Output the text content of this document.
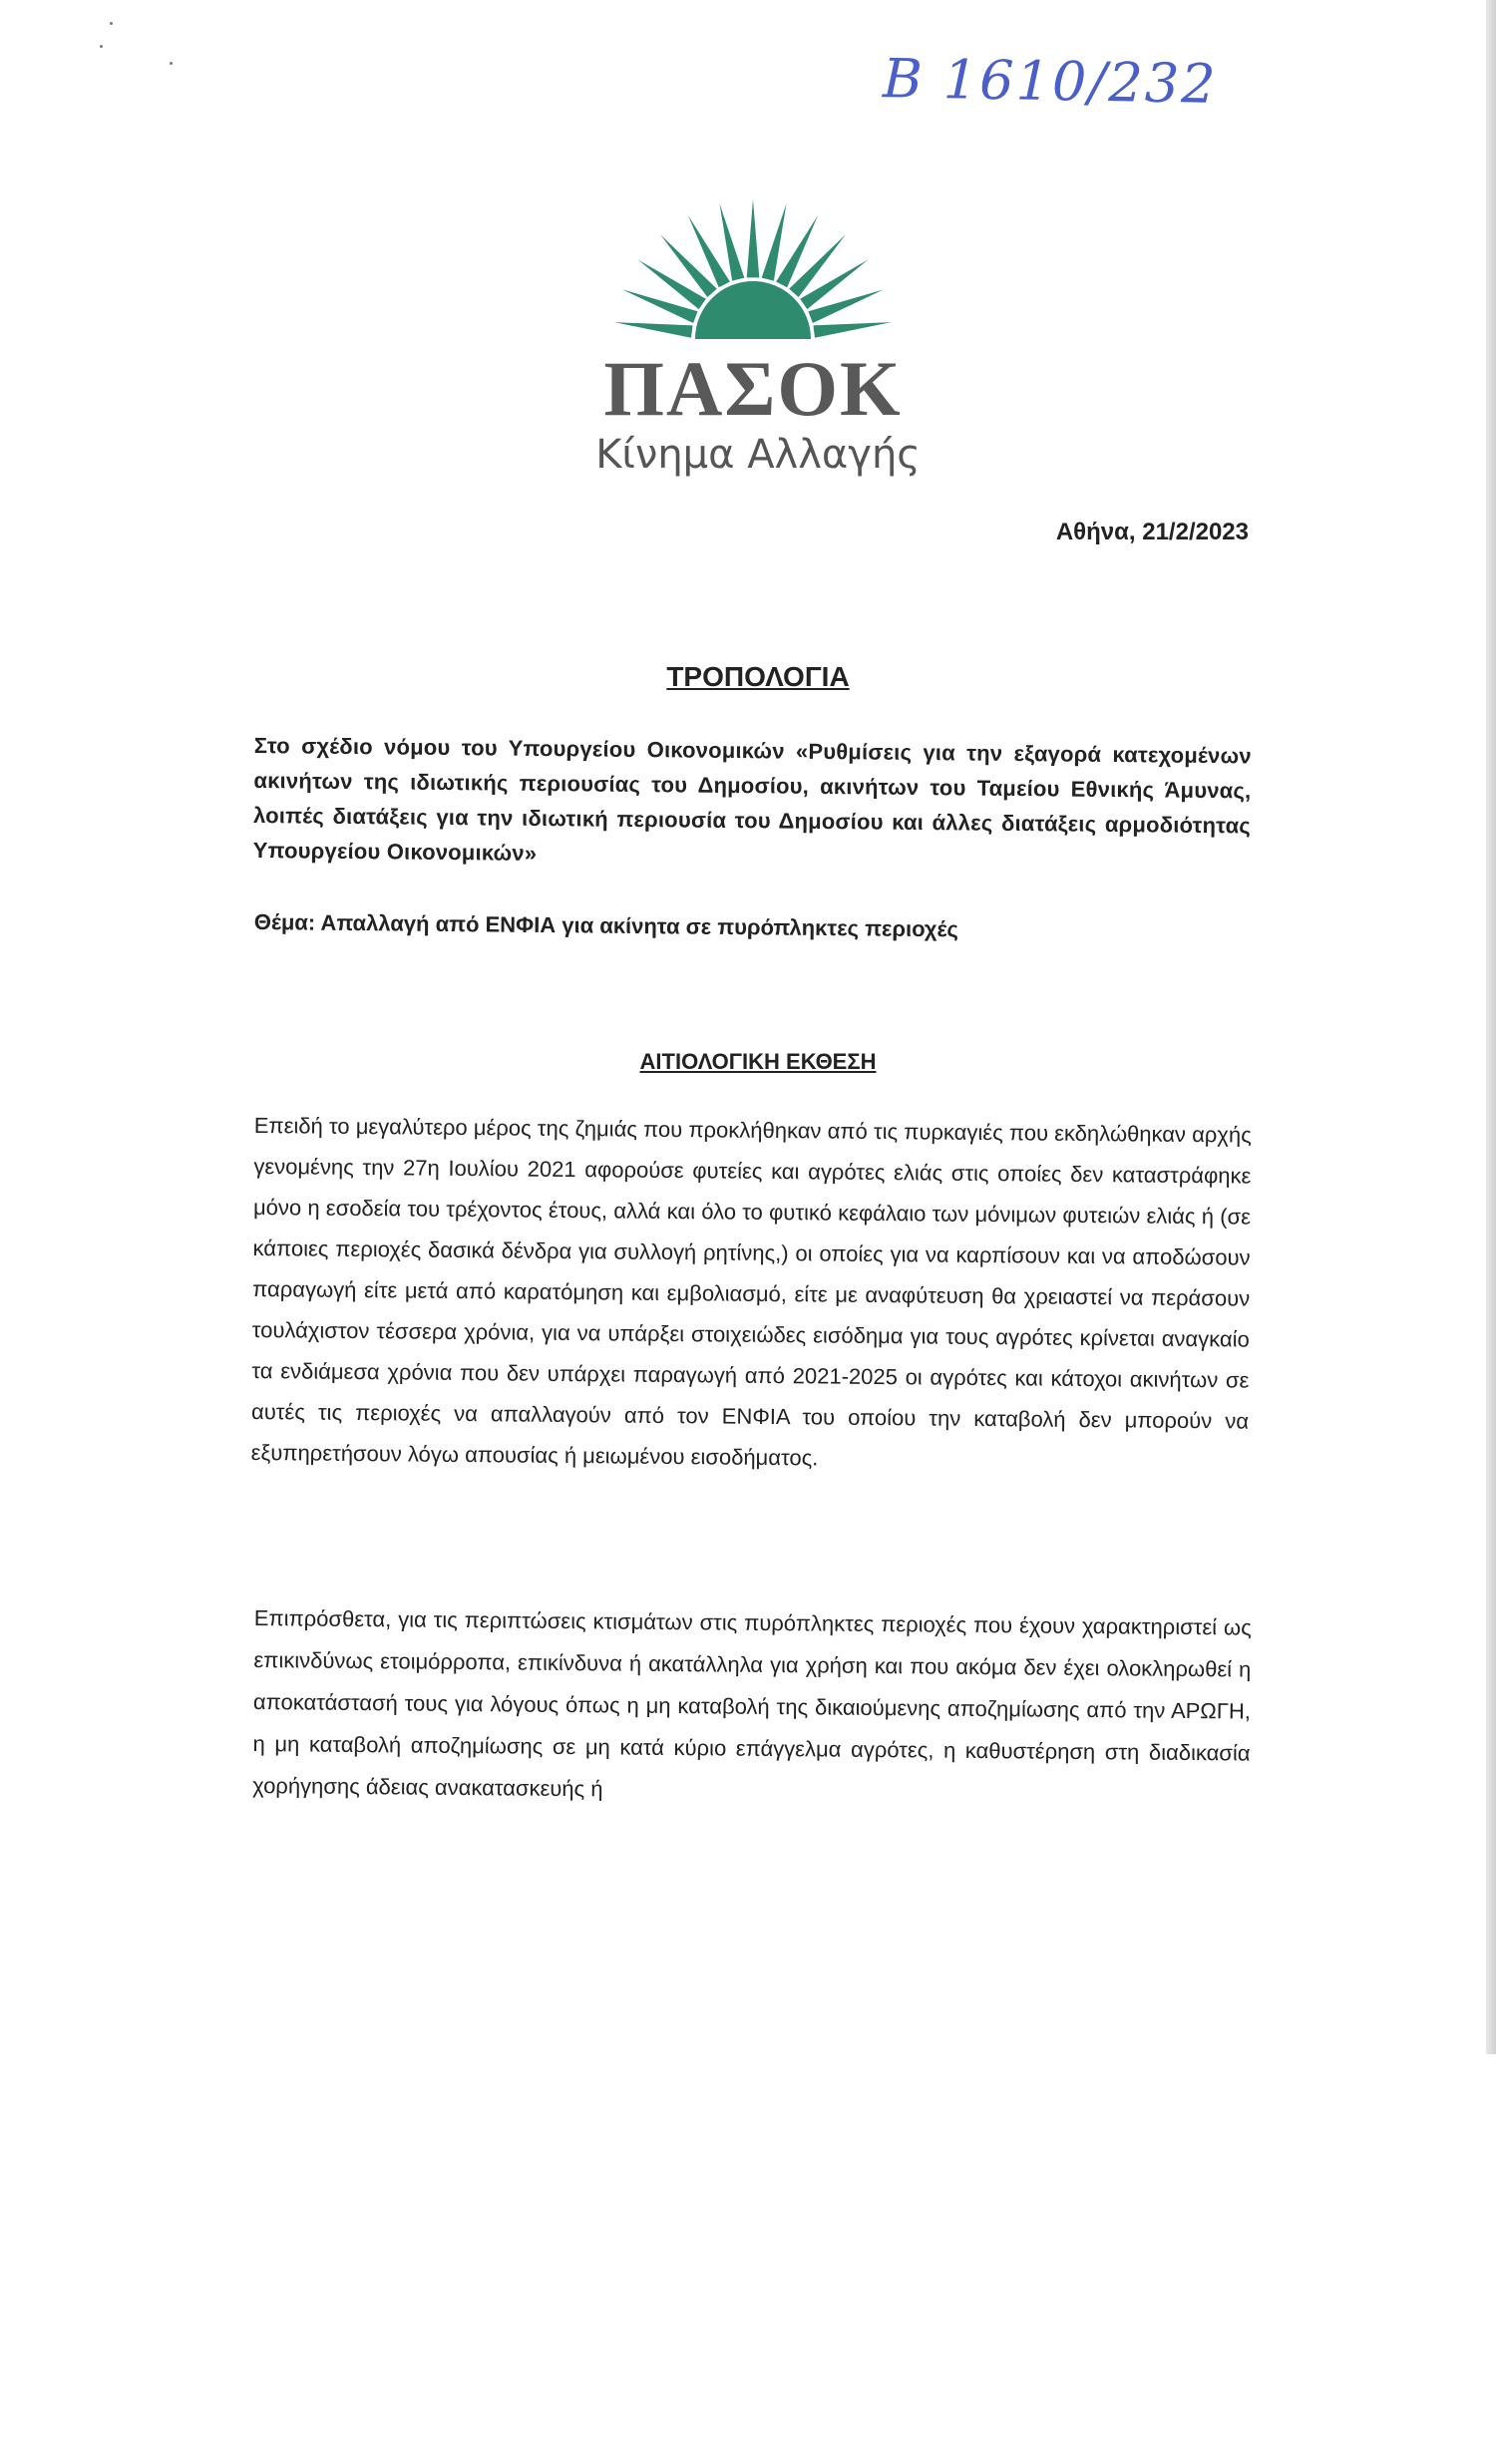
Β 1610/232
ΠΑΣΟΚ
Κίνημα Αλλαγής
Αθήνα, 21/2/2023
ΤΡΟΠΟΛΟΓΙΑ
Στο σχέδιο νόμου του Υπουργείου Οικονομικών «Ρυθμίσεις για την εξαγορά κατεχομένων ακινήτων της ιδιωτικής περιουσίας του Δημοσίου, ακινήτων του Ταμείου Εθνικής Άμυνας, λοιπές διατάξεις για την ιδιωτική περιουσία του Δημοσίου και άλλες διατάξεις αρμοδιότητας Υπουργείου Οικονομικών»
Θέμα: Απαλλαγή από ΕΝΦΙΑ για ακίνητα σε πυρόπληκτες περιοχές
ΑΙΤΙΟΛΟΓΙΚΗ ΕΚΘΕΣΗ
Επειδή το μεγαλύτερο μέρος της ζημιάς που προκλήθηκαν από τις πυρκαγιές που εκδηλώθηκαν αρχής γενομένης την 27η Ιουλίου 2021 αφορούσε φυτείες και αγρότες ελιάς στις οποίες δεν καταστράφηκε μόνο η εσοδεία του τρέχοντος έτους, αλλά και όλο το φυτικό κεφάλαιο των μόνιμων φυτειών ελιάς ή (σε κάποιες περιοχές δασικά δένδρα για συλλογή ρητίνης,) οι οποίες για να καρπίσουν και να αποδώσουν παραγωγή είτε μετά από καρατόμηση και εμβολιασμό, είτε με αναφύτευση θα χρειαστεί να περάσουν τουλάχιστον τέσσερα χρόνια, για να υπάρξει στοιχειώδες εισόδημα για τους αγρότες κρίνεται αναγκαίο τα ενδιάμεσα χρόνια που δεν υπάρχει παραγωγή από 2021-2025 οι αγρότες και κάτοχοι ακινήτων σε αυτές τις περιοχές να απαλλαγούν από τον ΕΝΦΙΑ του οποίου την καταβολή δεν μπορούν να εξυπηρετήσουν λόγω απουσίας ή μειωμένου εισοδήματος.
Επιπρόσθετα, για τις περιπτώσεις κτισμάτων στις πυρόπληκτες περιοχές που έχουν χαρακτηριστεί ως επικινδύνως ετοιμόρροπα, επικίνδυνα ή ακατάλληλα για χρήση και που ακόμα δεν έχει ολοκληρωθεί η αποκατάστασή τους για λόγους όπως η μη καταβολή της δικαιούμενης αποζημίωσης από την ΑΡΩΓΗ, η μη καταβολή αποζημίωσης σε μη κατά κύριο επάγγελμα αγρότες, η καθυστέρηση στη διαδικασία χορήγησης άδειας ανακατασκευής ή
